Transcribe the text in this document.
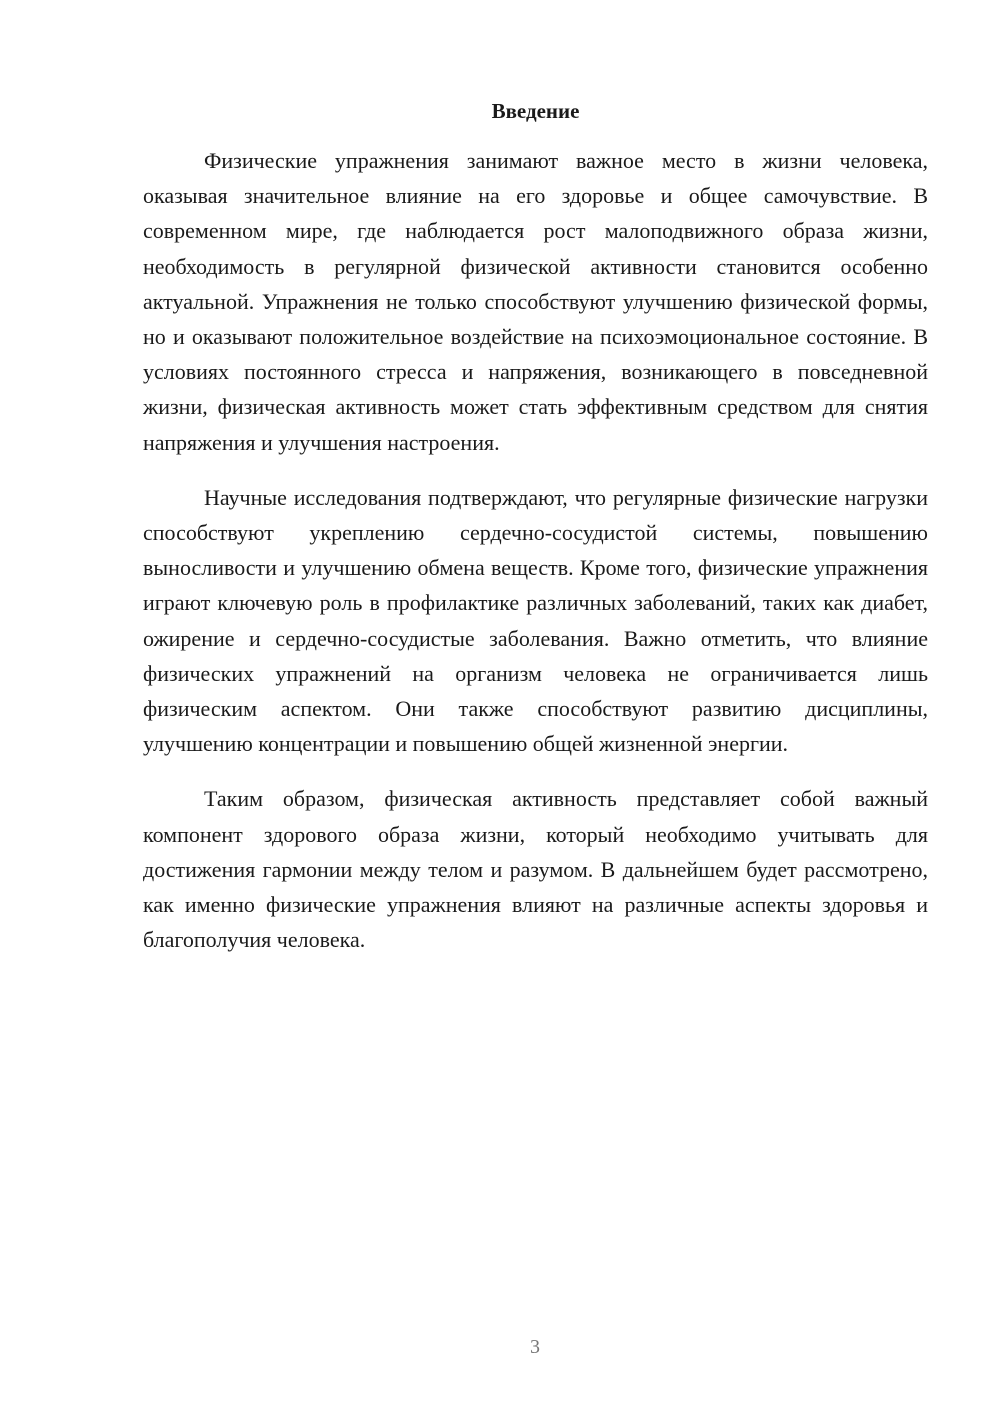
Введение

Физические упражнения занимают важное место в жизни человека, оказывая значительное влияние на его здоровье и общее самочувствие. В современном мире, где наблюдается рост малоподвижного образа жизни, необходимость в регулярной физической активности становится особенно актуальной. Упражнения не только способствуют улучшению физической формы, но и оказывают положительное воздействие на психоэмоциональное состояние. В условиях постоянного стресса и напряжения, возникающего в повседневной жизни, физическая активность может стать эффективным средством для снятия напряжения и улучшения настроения.

Научные исследования подтверждают, что регулярные физические нагрузки способствуют укреплению сердечно-сосудистой системы, повышению выносливости и улучшению обмена веществ. Кроме того, физические упражнения играют ключевую роль в профилактике различных заболеваний, таких как диабет, ожирение и сердечно-сосудистые заболевания. Важно отметить, что влияние физических упражнений на организм человека не ограничивается лишь физическим аспектом. Они также способствуют развитию дисциплины, улучшению концентрации и повышению общей жизненной энергии.

Таким образом, физическая активность представляет собой важный компонент здорового образа жизни, который необходимо учитывать для достижения гармонии между телом и разумом. В дальнейшем будет рассмотрено, как именно физические упражнения влияют на различные аспекты здоровья и благополучия человека.

3
